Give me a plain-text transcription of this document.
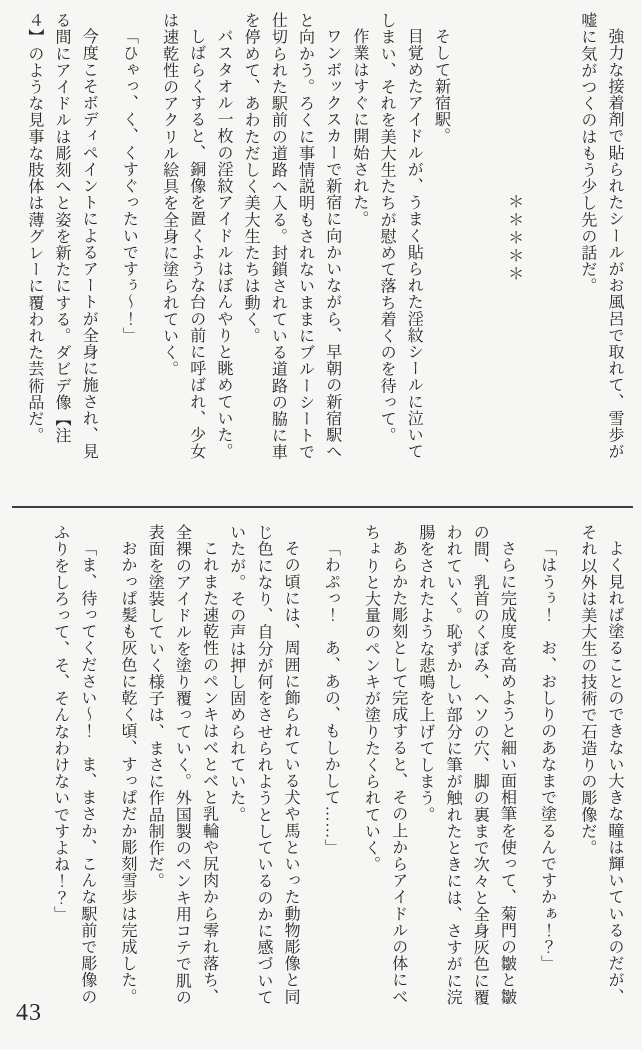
強力な接着剤で貼られたシールがお風呂で取れて、雪歩が嘘に気がつくのはもう少し先の話だ。

＊＊＊＊＊

そして新宿駅。

目覚めたアイドルが、うまく貼られた淫紋シールに泣いてしまい、それを美大生たちが慰めて落ち着くのを待って。

作業はすぐに開始された。

ワンボックスカーで新宿に向かいながら、早朝の新宿駅へと向かう。ろくに事情説明もされないままにブルーシートで仕切られた駅前の道路へ入る。封鎖されている道路の脇に車を停めて、あわただしく美大生たちは動く。

バスタオル一枚の淫紋アイドルはぼんやりと眺めていた。

しばらくすると、銅像を置くような台の前に呼ばれ、少女は速乾性のアクリル絵具を全身に塗られていく。

「ひゃっ、く、くすぐったいですぅ〜！」

今度こそボディペイントによるアートが全身に施され、見る間にアイドルは彫刻へと姿を新たにする。ダビデ像【注４】のような見事な肢体は薄グレーに覆われた芸術品だ。

よく見れば塗ることのできない大きな瞳は輝いているのだが、それ以外は美大生の技術で石造りの彫像だ。

「はうぅ！　お、おしりのあなまで塗るんですかぁ！？」

さらに完成度を高めようと細い面相筆を使って、菊門の皺と皺の間、乳首のくぼみ、ヘソの穴、脚の裏まで次々と全身灰色に覆われていく。恥ずかしい部分に筆が触れたときには、さすがに浣腸をされたような悲鳴を上げてしまう。

あらかた彫刻として完成すると、その上からアイドルの体にべちょりと大量のペンキが塗りたくられていく。

「わぷっ！　あ、あの、もしかして……」

その頃には、周囲に飾られている犬や馬といった動物彫像と同じ色になり、自分が何をさせられようとしているのかに感づいていたが。その声は押し固められていた。

これまた速乾性のペンキはべとべと乳輪や尻肉から零れ落ち、全裸のアイドルを塗り覆っていく。外国製のペンキ用コテで肌の表面を塗装していく様子は、まさに作品制作だ。

おかっぱ髪も灰色に乾く頃、すっぱだか彫刻雪歩は完成した。

「ま、待ってください〜！　ま、まさか、こんな駅前で彫像のふりをしろって、そ、そんなわけないですよね！？」

43
